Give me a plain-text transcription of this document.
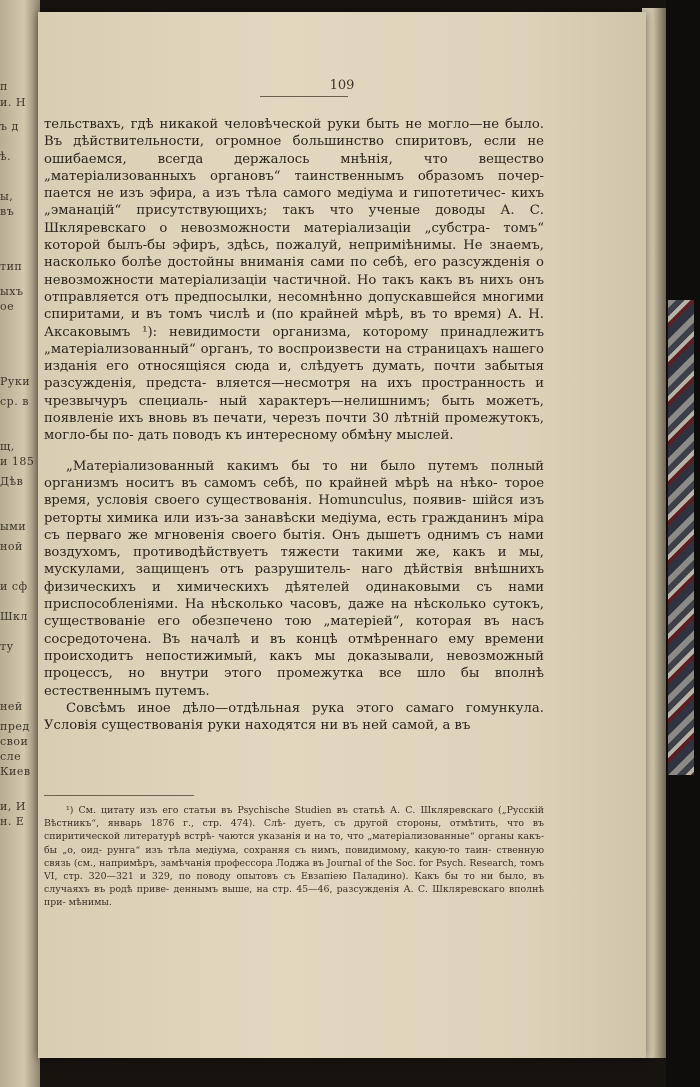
п
и. Н
ъ д
ѣ.
ы,
въ
тип
ыхъ
ое
Руки
ср. в
щ,
и 185
Дѣв
ыми
ной
и сф
Шкл
ту
ней
пред
свои
сле
Киев
и, И
н. Е
109

тельствахъ, гдѣ никакой человѣческой руки быть не могло—не было. Въ дѣйствительности, огромное большинство спиритовъ, если не ошибаемся, всегда держалось мнѣнія, что вещество „матеріализованныхъ органовъ“ таинственнымъ образомъ почер- пается не изъ эфира, а изъ тѣла самого медіума и гипотетичес- кихъ „эманацій“ присутствующихъ; такъ что ученые доводы А. С. Шкляревскаго о невозможности матеріализаціи „субстра- томъ“ которой былъ-бы эфиръ, здѣсь, пожалуй, неприміѣнимы. Не знаемъ, насколько болѣе достойны вниманія сами по себѣ, его разсужденія о невозможности матеріализаціи частичной. Но такъ какъ въ нихъ онъ отправляется отъ предпосылки, несомнѣнно допускавшейся многими спиритами, и въ томъ числѣ и (по крайней мѣрѣ, въ то время) А. Н. Аксаковымъ ¹): невидимости организма, которому принадлежитъ „матеріализованный“ органъ, то воспроизвести на страницахъ нашего изданія его относящіяся сюда и, слѣдуетъ думать, почти забытыя разсужденія, предста- вляется—несмотря на ихъ пространность и чрезвычуръ специаль- ный характеръ—нелишнимъ; быть можетъ, появленіе ихъ вновь въ печати, черезъ почти 30 лѣтній промежутокъ, могло-бы по- дать поводъ къ интересному обмѣну мыслей.

„Матеріализованный какимъ бы то ни было путемъ полный организмъ носитъ въ самомъ себѣ, по крайней мѣрѣ на нѣко- торое время, условія своего существованія. Homunculus, появив- шійся изъ реторты химика или изъ-за занавѣски медіума, есть гражданинъ міра съ перваго же мгновенія своего бытія. Онъ дышетъ однимъ съ нами воздухомъ, противодѣйствуетъ тяжести такими же, какъ и мы, мускулами, защищенъ отъ разрушитель- наго дѣйствія внѣшнихъ физическихъ и химическихъ дѣятелей одинаковыми съ нами приспособленіями. На нѣсколько часовъ, даже на нѣсколько сутокъ, существованіе его обезпечено тою „матеріей“, которая въ насъ сосредоточена. Въ началѣ и въ концѣ отмѣреннаго ему времени происходитъ непостижимый, какъ мы доказывали, невозможный процессъ, но внутри этого промежутка все шло бы вполнѣ естественнымъ путемъ.

Совсѣмъ иное дѣло—отдѣльная рука этого самаго гомункула. Условія существованія руки находятся ни въ ней самой, а въ

¹) См. цитату изъ его статьи въ Psychische Studien въ статьѣ А. С. Шкляревскаго („Русскій Вѣстникъ“, январь 1876 г., стр. 474). Слѣ- дуетъ, съ другой стороны, отмѣтить, что въ спиритической литературѣ встрѣ- чаются указанія и на то, что „матеріализованные“ органы какъ-бы „о, оид- рунга“ изъ тѣла медіума, сохраняя съ нимъ, повидимому, какую-то таин- ственную связь (см., напримѣръ, замѣчанія профессора Лоджа въ Journal of the Soc. for Psych. Research, томъ VI, стр. 320—321 и 329, по поводу опытовъ съ Евзапіею Паладино). Какъ бы то ни было, въ случаяхъ въ родѣ приве- деннымъ выше, на стр. 45—46, разсужденія А. С. Шкляревскаго вполнѣ при- мѣнимы.
